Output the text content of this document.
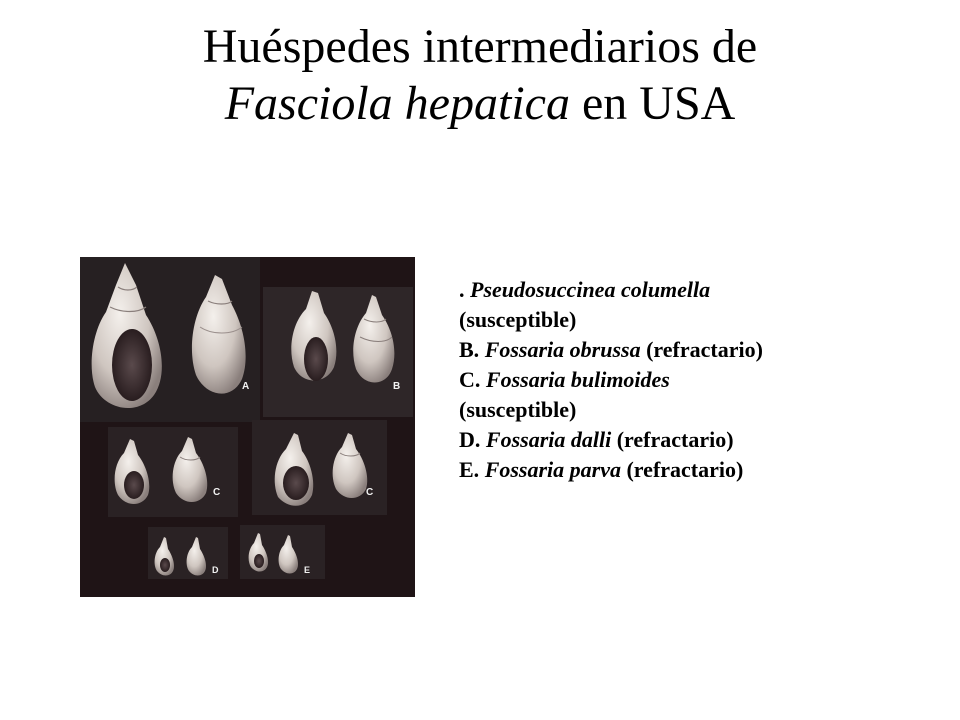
Huéspedes intermediarios de
Fasciola hepatica en USA
A	B
C	C
D	E
. Pseudosuccinea columella
(susceptible)
B. Fossaria obrussa (refractario)
C. Fossaria bulimoides
(susceptible)
D. Fossaria dalli (refractario)
E. Fossaria parva (refractario)
